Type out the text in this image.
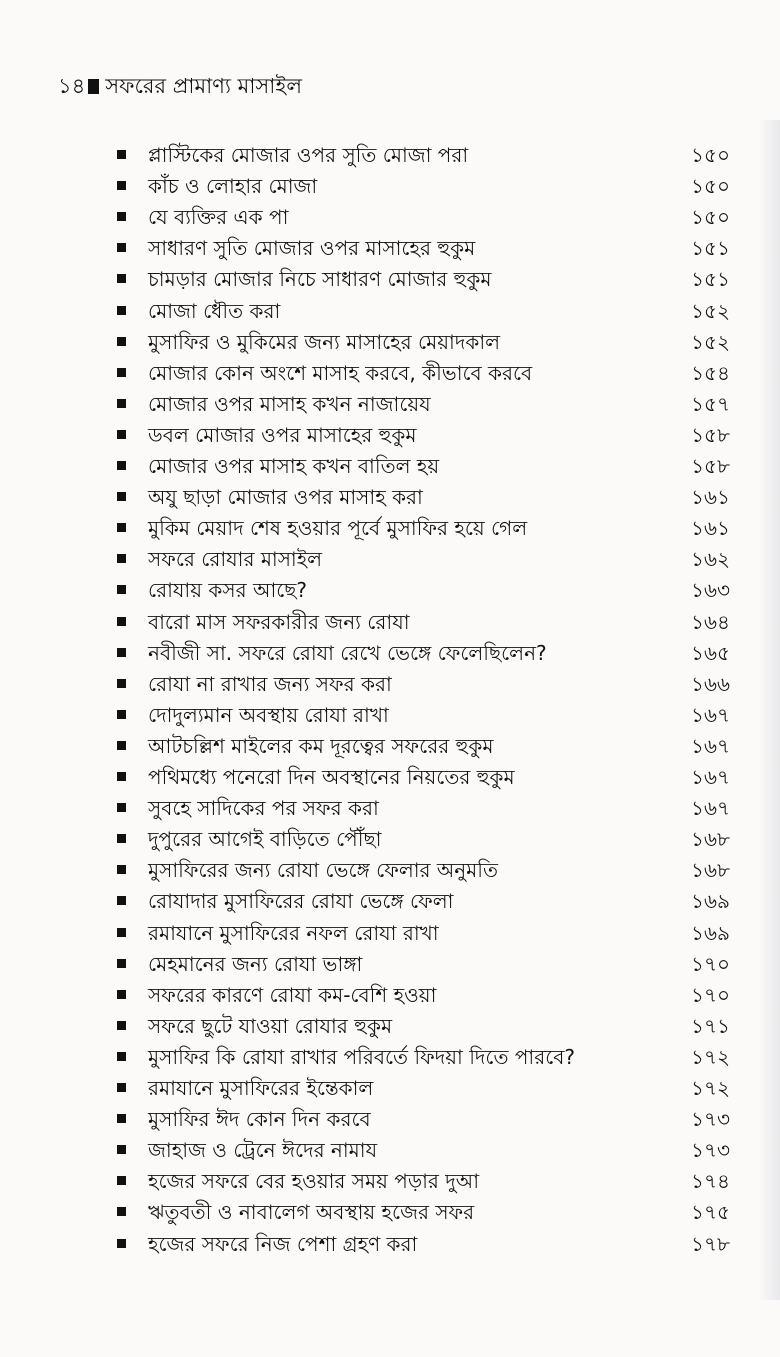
১৪ সফরের প্রামাণ্য মাসাইল
প্লাস্টিকের মোজার ওপর সুতি মোজা পরা	১৫০
কাঁচ ও লোহার মোজা	১৫০
যে ব্যক্তির এক পা	১৫০
সাধারণ সুতি মোজার ওপর মাসাহের হুকুম	১৫১
চামড়ার মোজার নিচে সাধারণ মোজার হুকুম	১৫১
মোজা ধৌত করা	১৫২
মুসাফির ও মুকিমের জন্য মাসাহের মেয়াদকাল	১৫২
মোজার কোন অংশে মাসাহ করবে, কীভাবে করবে	১৫৪
মোজার ওপর মাসাহ কখন নাজায়েয	১৫৭
ডবল মোজার ওপর মাসাহের হুকুম	১৫৮
মোজার ওপর মাসাহ কখন বাতিল হয়	১৫৮
অযু ছাড়া মোজার ওপর মাসাহ করা	১৬১
মুকিম মেয়াদ শেষ হওয়ার পূর্বে মুসাফির হয়ে গেল	১৬১
সফরে রোযার মাসাইল	১৬২
রোযায় কসর আছে?	১৬৩
বারো মাস সফরকারীর জন্য রোযা	১৬৪
নবীজী সা. সফরে রোযা রেখে ভেঙ্গে ফেলেছিলেন?	১৬৫
রোযা না রাখার জন্য সফর করা	১৬৬
দোদুল্যমান অবস্থায় রোযা রাখা	১৬৭
আটচল্লিশ মাইলের কম দূরত্বের সফরের হুকুম	১৬৭
পথিমধ্যে পনেরো দিন অবস্থানের নিয়তের হুকুম	১৬৭
সুবহে সাদিকের পর সফর করা	১৬৭
দুপুরের আগেই বাড়িতে পৌঁছা	১৬৮
মুসাফিরের জন্য রোযা ভেঙ্গে ফেলার অনুমতি	১৬৮
রোযাদার মুসাফিরের রোযা ভেঙ্গে ফেলা	১৬৯
রমাযানে মুসাফিরের নফল রোযা রাখা	১৬৯
মেহমানের জন্য রোযা ভাঙ্গা	১৭০
সফরের কারণে রোযা কম-বেশি হওয়া	১৭০
সফরে ছুটে যাওয়া রোযার হুকুম	১৭১
মুসাফির কি রোযা রাখার পরিবর্তে ফিদয়া দিতে পারবে?	১৭২
রমাযানে মুসাফিরের ইন্তেকাল	১৭২
মুসাফির ঈদ কোন দিন করবে	১৭৩
জাহাজ ও ট্রেনে ঈদের নামায	১৭৩
হজের সফরে বের হওয়ার সময় পড়ার দুআ	১৭৪
ঋতুবতী ও নাবালেগ অবস্থায় হজের সফর	১৭৫
হজের সফরে নিজ পেশা গ্রহণ করা	১৭৮
